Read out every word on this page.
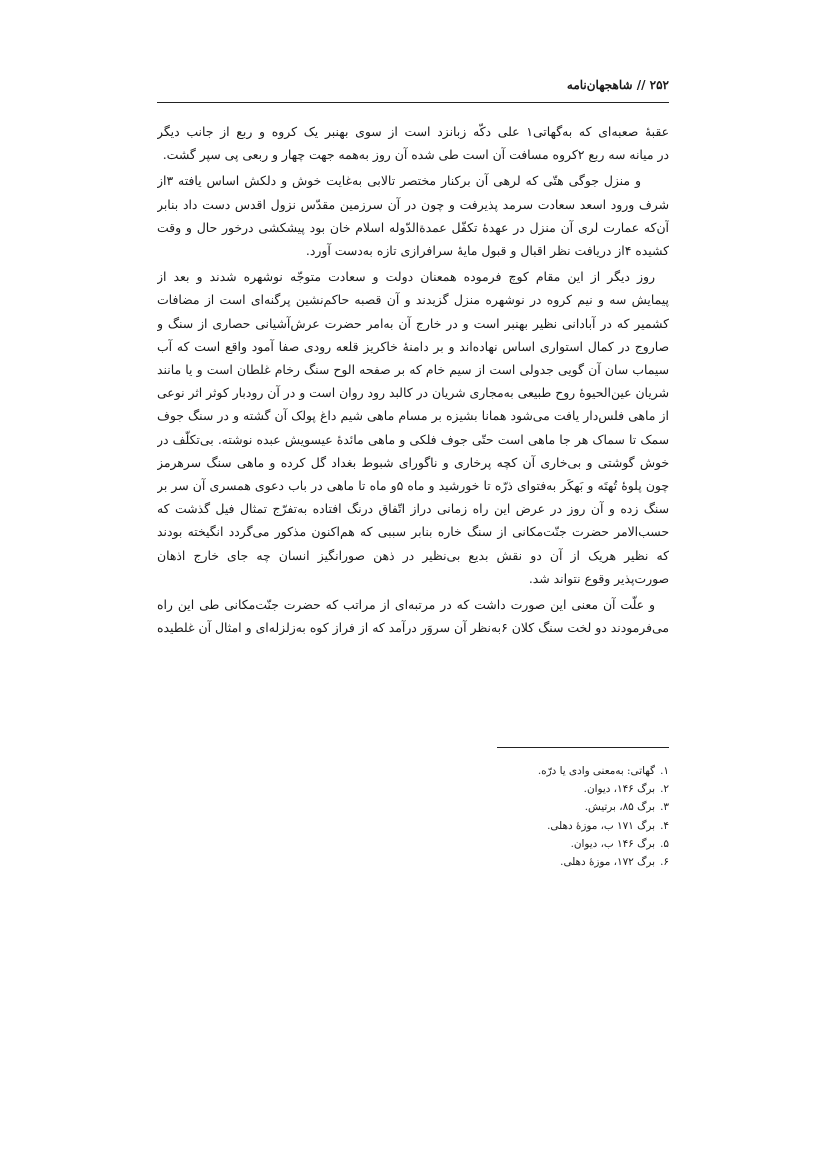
۲۵۲ // شاهجهان‌نامه

عقبهٔ صعبه‌ای که به‌گهاتی۱ علی دکّه زبانزد است از سوی بهنبر یک کروه و ربع از جانب دیگر
در میانه سه ربع ۲کروه مسافت آن است طی شده آن روز به‌همه جهت چهار و ربعی پی سپر گشت.

و منزل جوگی هتّی که لرهی آن برکنار مختصر تالابی به‌غایت خوش و دلکش اساس یافته ۳از
شرف ورود اسعد سعادت سرمد پذیرفت و چون در آن سرزمین مقدّس نزول اقدس دست داد بنابر
آن‌که عمارت لری آن منزل در عهدهٔ تکفّل عمدة‌الدّوله اسلام خان بود پیشکشی درخور حال و وقت
کشیده ۴از دریافت نظر اقبال و قبول مایهٔ سرافرازی تازه به‌دست آورد.

روز دیگر از این مقام کوچ فرموده همعنان دولت و سعادت متوجّه نوشهره شدند و بعد از
پیمایش سه و نیم کروه در نوشهره منزل گزیدند و آن قصبه حاکم‌نشین پرگنه‌ای است از مضافات
کشمیر که در آبادانی نظیر بهنبر است و در خارج آن به‌امر حضرت عرش‌آشیانی حصاری از سنگ و
صاروج در کمال استواری اساس نهاده‌اند و بر دامنهٔ خاکریز قلعه رودی صفا آمود واقع است که آب
سیماب سان آن گویی جدولی است از سیم خام که بر صفحه الوح سنگ رخام غلطان است و یا مانند
شریان عین‌الحیوهٔ روح طبیعی به‌مجاری شریان در کالبد رود روان است و در آن رودبار کوثر اثر نوعی
از ماهی فلس‌دار یافت می‌شود همانا بشیزه بر مسام ماهی شیم داغ پولک آن گشته و در سنگ جوف
سمک تا سماک هر جا ماهی است حتّی جوف فلکی و ماهی مائدهٔ عیسویش عبده نوشته. بی‌تکلّف در
خوش گوشتی و بی‌خاری آن کچه پرخاری و ناگورای شبوط بغداد گل کرده و ماهی سنگ سرهرمز
چون پلوهٔ تُهتَه و بَهکَر به‌فتوای ذرّه تا خورشید و ماه ۵و ماه تا ماهی در باب دعوی همسری آن سر بر
سنگ زده و آن روز در عرض این راه زمانی دراز اتّفاق درنگ افتاده به‌تفرّج تمثال فیل گذشت که
حسب‌الامر حضرت جنّت‌مکانی از سنگ خاره بنابر سببی که هم‌اکنون مذکور می‌گردد انگیخته بودند
که نظیر هریک از آن دو نقش بدیع بی‌نظیر در ذهن صورانگیز انسان چه جای خارج اذهان
صورت‌پذیر وقوع نتواند شد.

و علّت آن معنی این صورت داشت که در مرتبه‌ای از مراتب که حضرت جنّت‌مکانی طی این راه
می‌فرمودند دو لخت سنگ کلان ۶به‌نظر آن سروَر درآمد که از فراز کوه به‌زلزله‌ای و امثال آن غلطیده

۱.
گهاتی: به‌معنی وادی یا درّه.
۲.
برگ ۱۴۶، دیوان.
۳.
برگ ۸۵، برتیش.
۴.
برگ ۱۷۱ ب، موزهٔ دهلی.
۵.
برگ ۱۴۶ ب، دیوان.
۶.
برگ ۱۷۲، موزهٔ دهلی.
